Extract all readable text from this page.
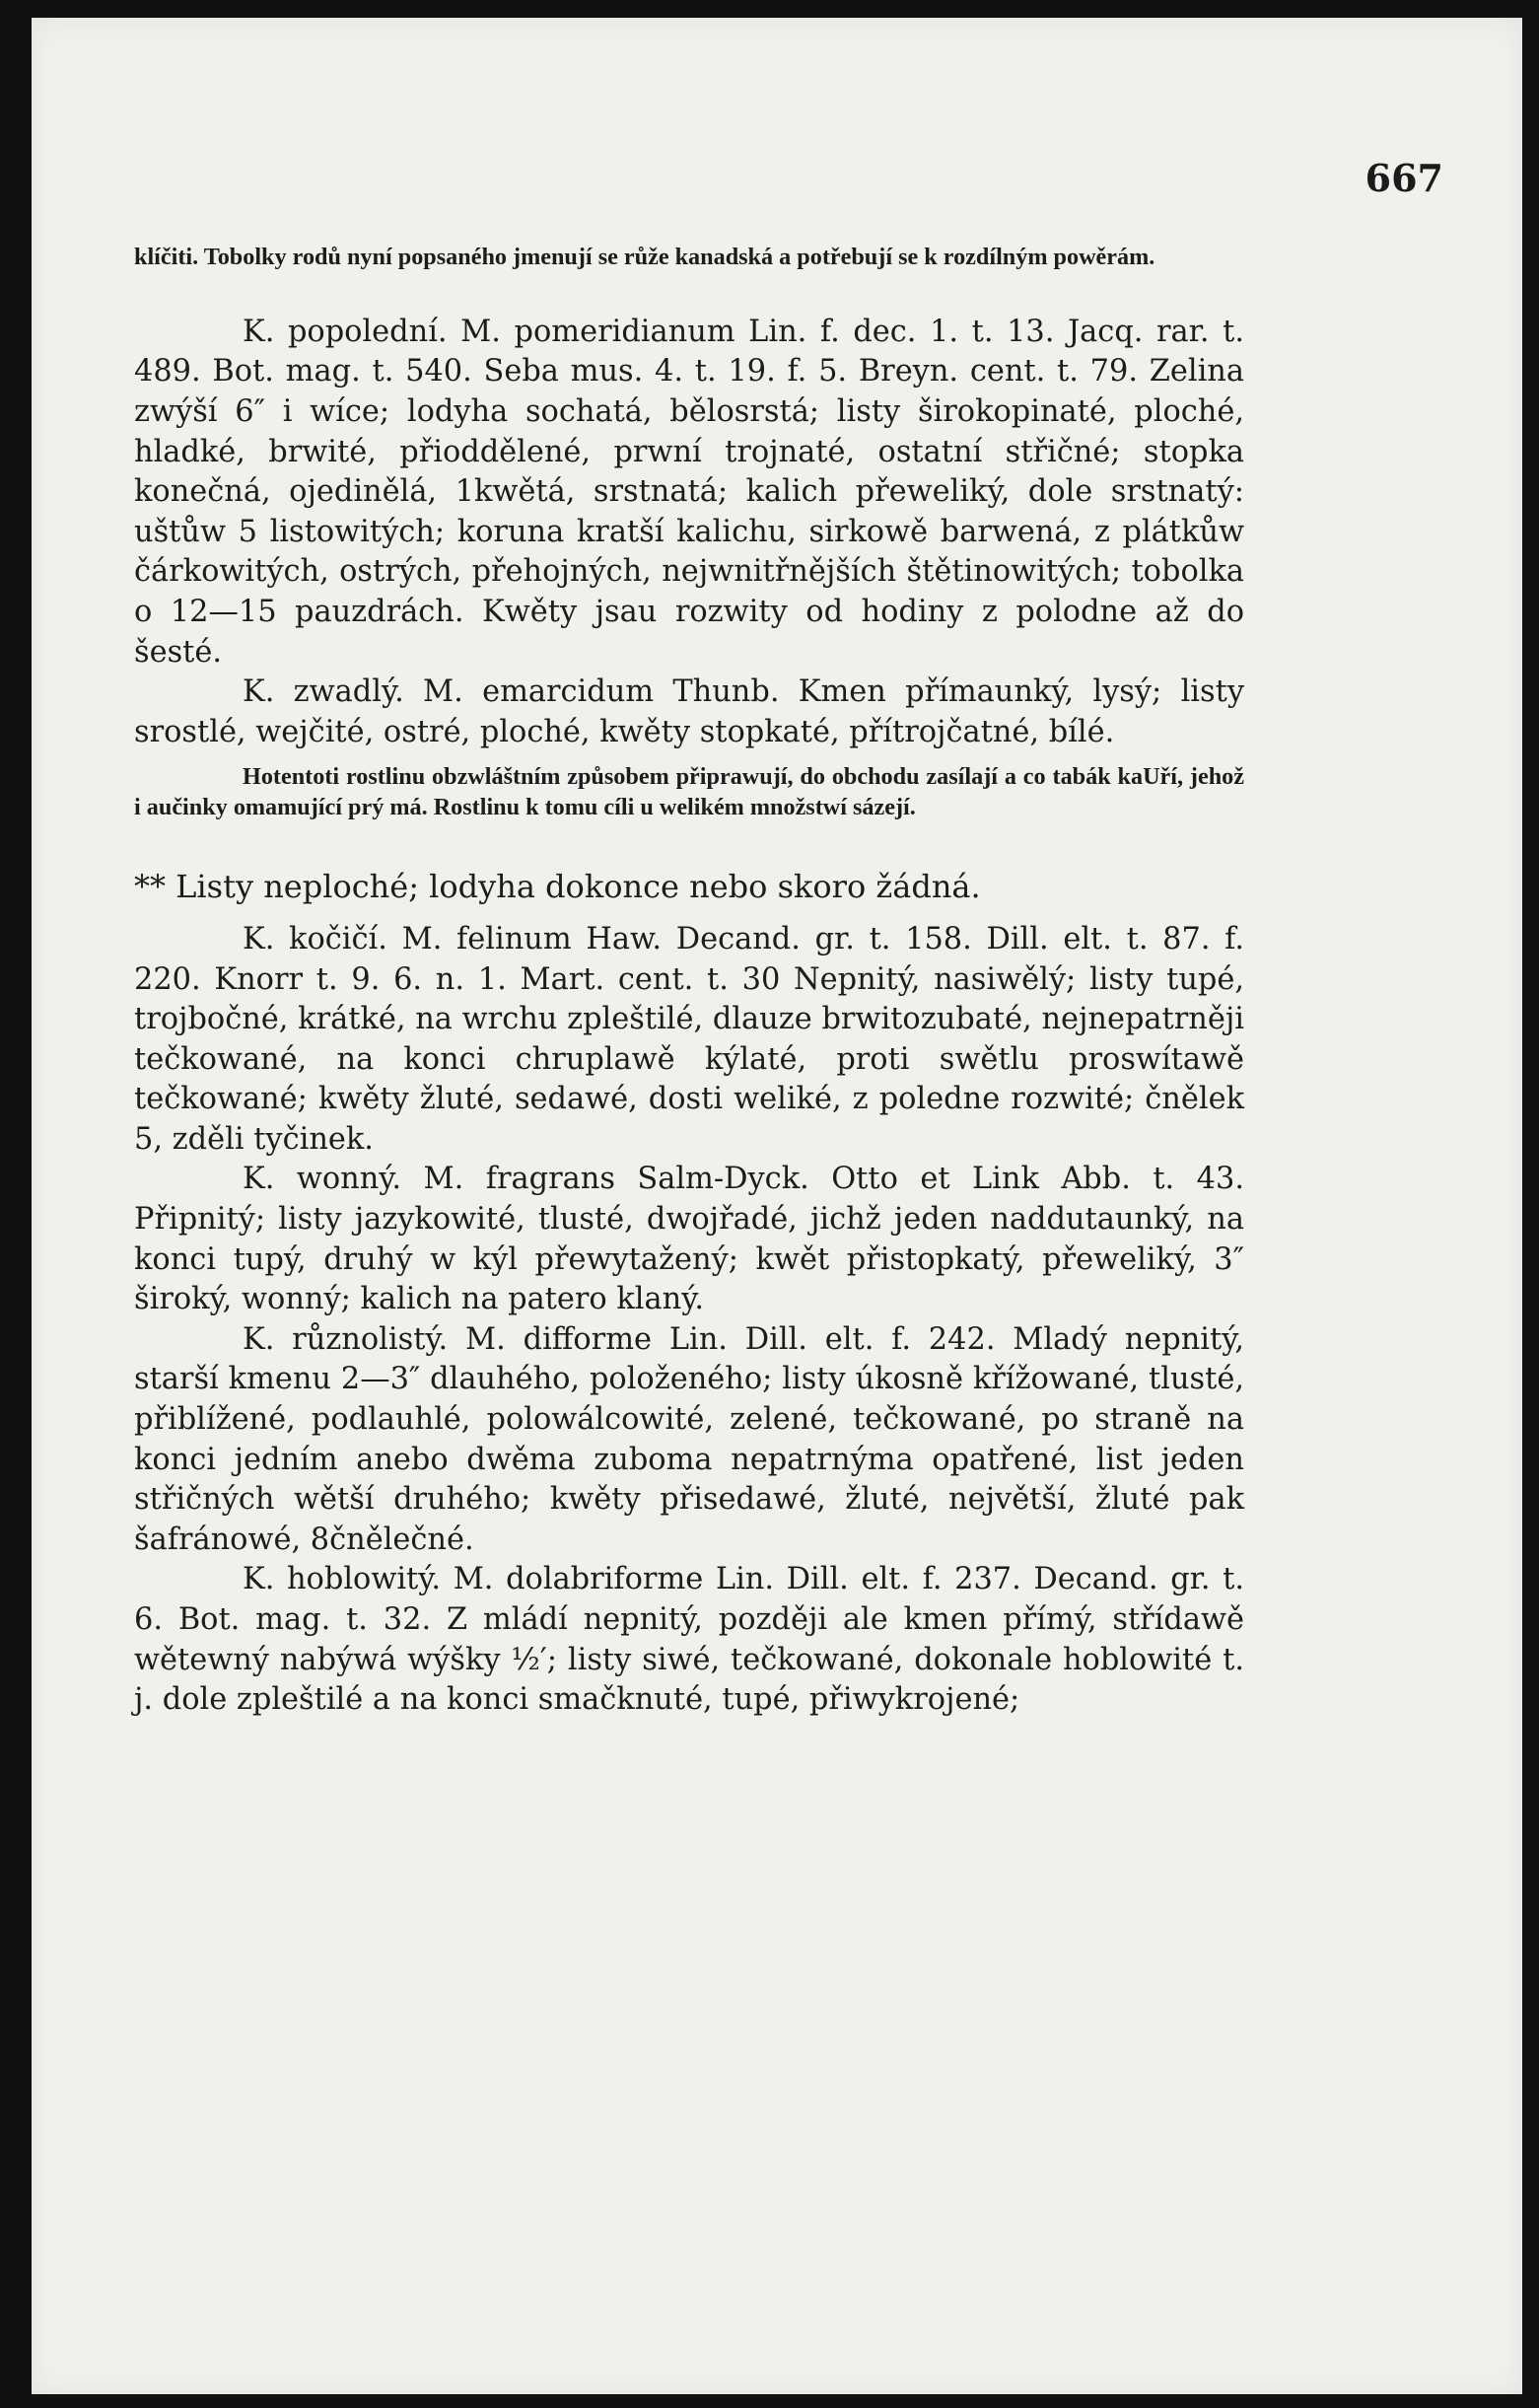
667

klíčiti. Tobolky rodů nyní popsaného jmenují se růže kanadská a potřebují se k rozdílným powěrám.

K. popolední. M. pomeridianum Lin. f. dec. 1. t. 13. Jacq. rar. t. 489. Bot. mag. t. 540. Seba mus. 4. t. 19. f. 5. Breyn. cent. t. 79. Zelina zwýší 6″ i wíce; lodyha sochatá, bělosrstá; listy širokopinaté, ploché, hladké, brwité, přioddělené, prwní trojnaté, ostatní střičné; stopka konečná, ojedinělá, 1kwětá, srstnatá; kalich přeweliký, dole srstnatý: uštůw 5 listowitých; koruna kratší kalichu, sirkowě barwená, z plátkůw čárkowitých, ostrých, přehojných, nejwnitřnějších štětinowitých; tobolka o 12—15 pauzdrách. Kwěty jsau rozwity od hodiny z polodne až do šesté.

K. zwadlý. M. emarcidum Thunb. Kmen přímaunký, lysý; listy srostlé, wejčité, ostré, ploché, kwěty stopkaté, přítrojčatné, bílé.

Hotentoti rostlinu obzwláštním způsobem připrawují, do obchodu zasílají a co tabák kaUří, jehož i aučinky omamující prý má. Rostlinu k tomu cíli u welikém množstwí sázejí.

** Listy neploché; lodyha dokonce nebo skoro žádná.

K. kočičí. M. felinum Haw. Decand. gr. t. 158. Dill. elt. t. 87. f. 220. Knorr t. 9. 6. n. 1. Mart. cent. t. 30 Nepnitý, nasiwělý; listy tupé, trojbočné, krátké, na wrchu zpleštilé, dlauze brwitozubaté, nejnepatrněji tečkowané, na konci chruplawě kýlaté, proti swětlu proswítawě tečkowané; kwěty žluté, sedawé, dosti weliké, z poledne rozwité; čnělek 5, zděli tyčinek.

K. wonný. M. fragrans Salm-Dyck. Otto et Link Abb. t. 43. Připnitý; listy jazykowité, tlusté, dwojřadé, jichž jeden naddutaunký, na konci tupý, druhý w kýl přewytažený; kwět přistopkatý, přeweliký, 3″ široký, wonný; kalich na patero klaný.

K. různolistý. M. difforme Lin. Dill. elt. f. 242. Mladý nepnitý, starší kmenu 2—3″ dlauhého, položeného; listy úkosně křížowané, tlusté, přiblížené, podlauhlé, polowálcowité, zelené, tečkowané, po straně na konci jedním anebo dwěma zuboma nepatrnýma opatřené, list jeden střičných wětší druhého; kwěty přisedawé, žluté, největší, žluté pak šafránowé, 8čnělečné.

K. hoblowitý. M. dolabriforme Lin. Dill. elt. f. 237. Decand. gr. t. 6. Bot. mag. t. 32. Z mládí nepnitý, později ale kmen přímý, střídawě wětewný nabýwá wýšky ½′; listy siwé, tečkowané, dokonale hoblowité t. j. dole zpleštilé a na konci smačknuté, tupé, přiwykrojené;
